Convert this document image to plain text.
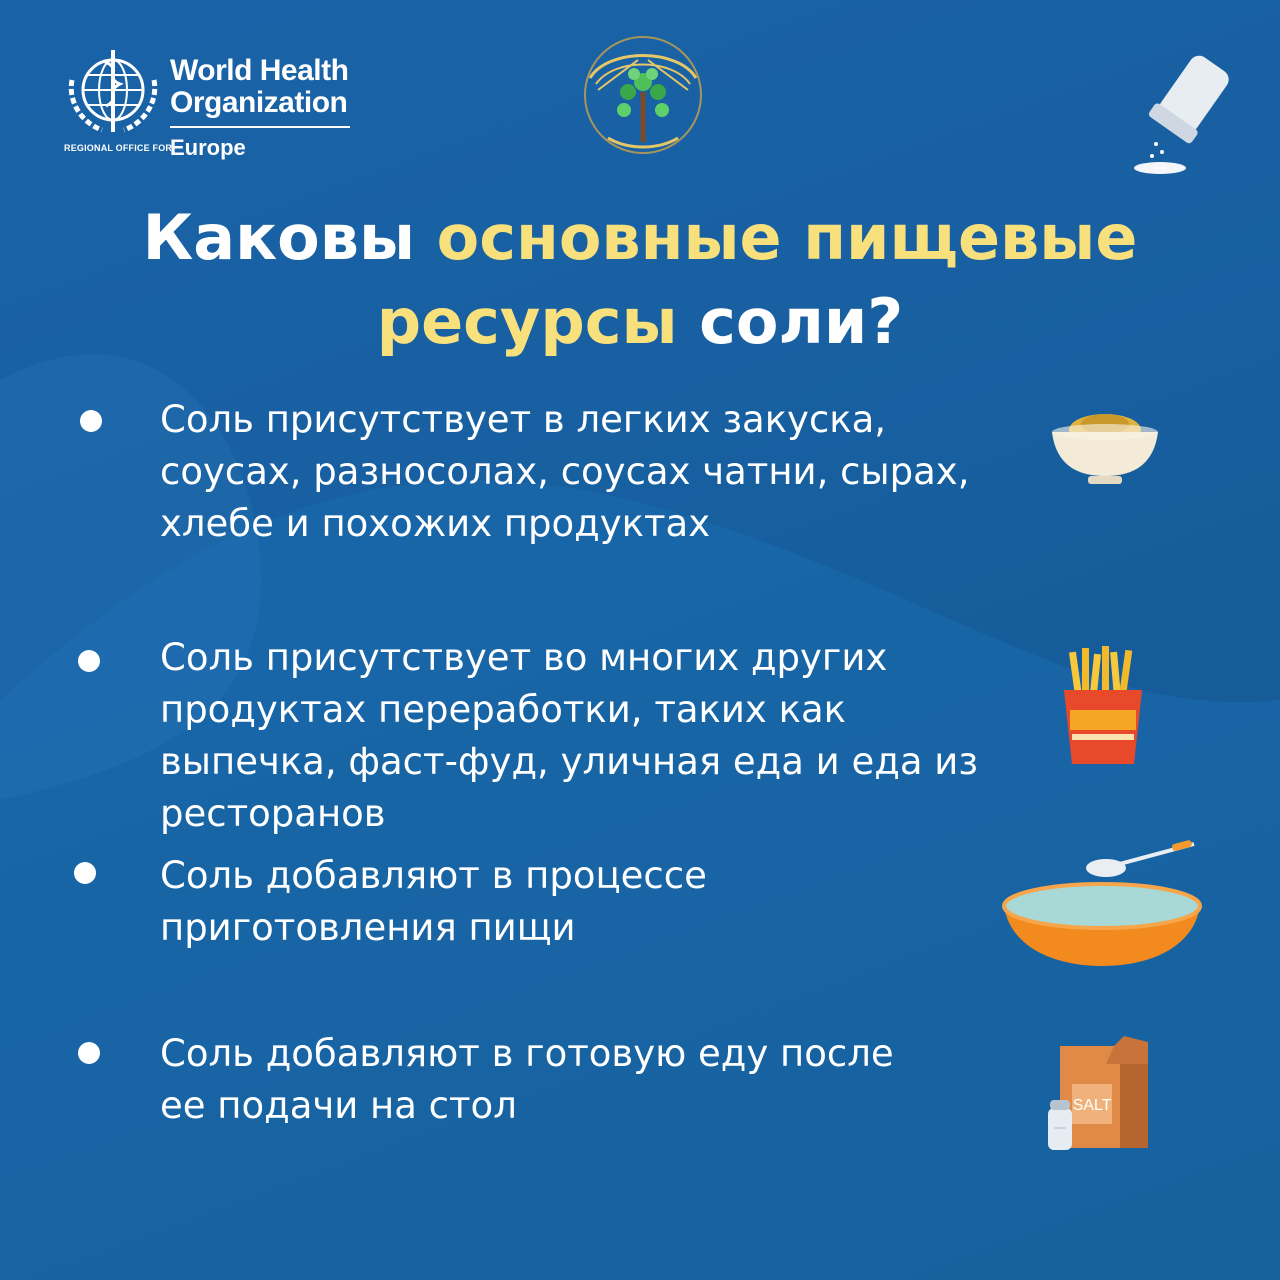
World Health
Organization
REGIONAL OFFICE FOR
Europe
Каковы основные пищевые
ресурсы соли?
Соль присутствует в легких закуска, соусах, разносолах, соусах чатни, сырах, хлебе и похожих продуктах
Соль присутствует во многих других продуктах переработки, таких как выпечка, фаст-фуд, уличная еда и еда из ресторанов
Соль добавляют в процессе приготовления пищи
Соль добавляют в готовую еду после ее подачи на стол	SALT
